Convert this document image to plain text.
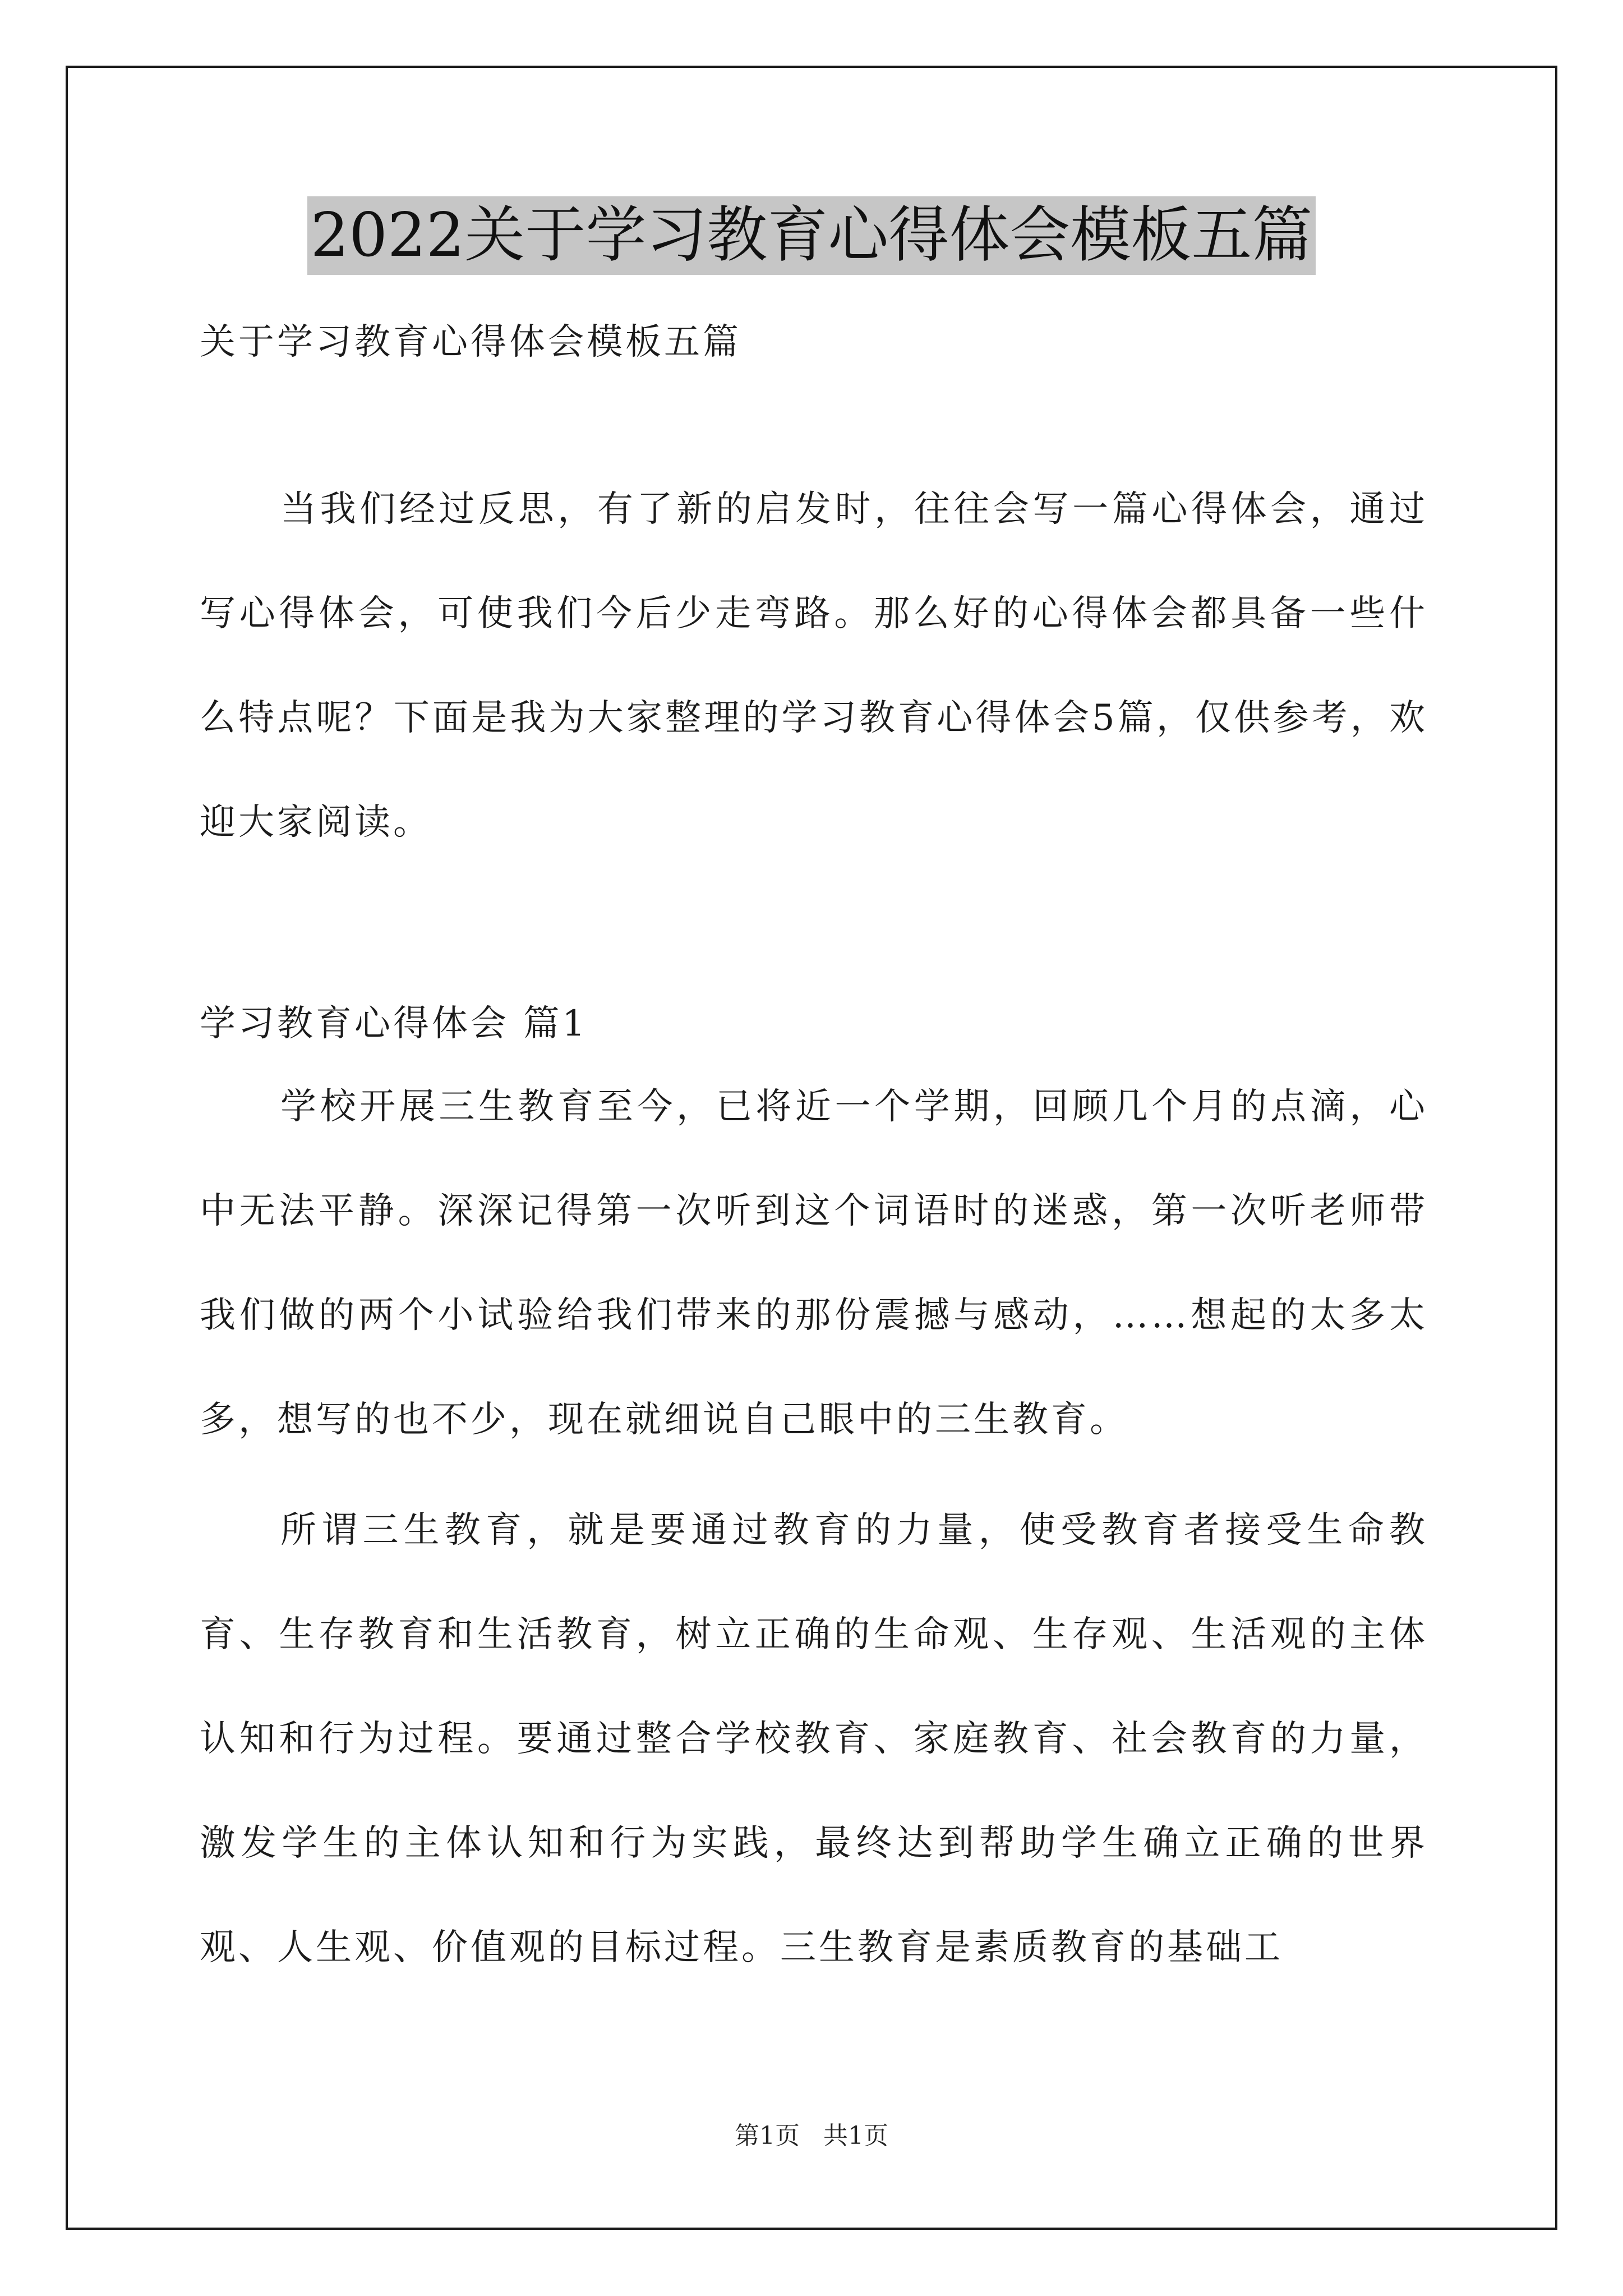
2022关于学习教育心得体会模板五篇
关于学习教育心得体会模板五篇

当我们经过反思，有了新的启发时，往往会写一篇心得体会，通过写心得体会，可使我们今后少走弯路。那么好的心得体会都具备一些什么特点呢？下面是我为大家整理的学习教育心得体会5篇，仅供参考，欢迎大家阅读。

学习教育心得体会 篇1

学校开展三生教育至今，已将近一个学期，回顾几个月的点滴，心中无法平静。深深记得第一次听到这个词语时的迷惑，第一次听老师带我们做的两个小试验给我们带来的那份震撼与感动，……想起的太多太多，想写的也不少，现在就细说自己眼中的三生教育。

所谓三生教育，就是要通过教育的力量，使受教育者接受生命教育、生存教育和生活教育，树立正确的生命观、生存观、生活观的主体认知和行为过程。要通过整合学校教育、家庭教育、社会教育的力量，激发学生的主体认知和行为实践，最终达到帮助学生确立正确的世界观、人生观、价值观的目标过程。三生教育是素质教育的基础工

第1页   共1页
